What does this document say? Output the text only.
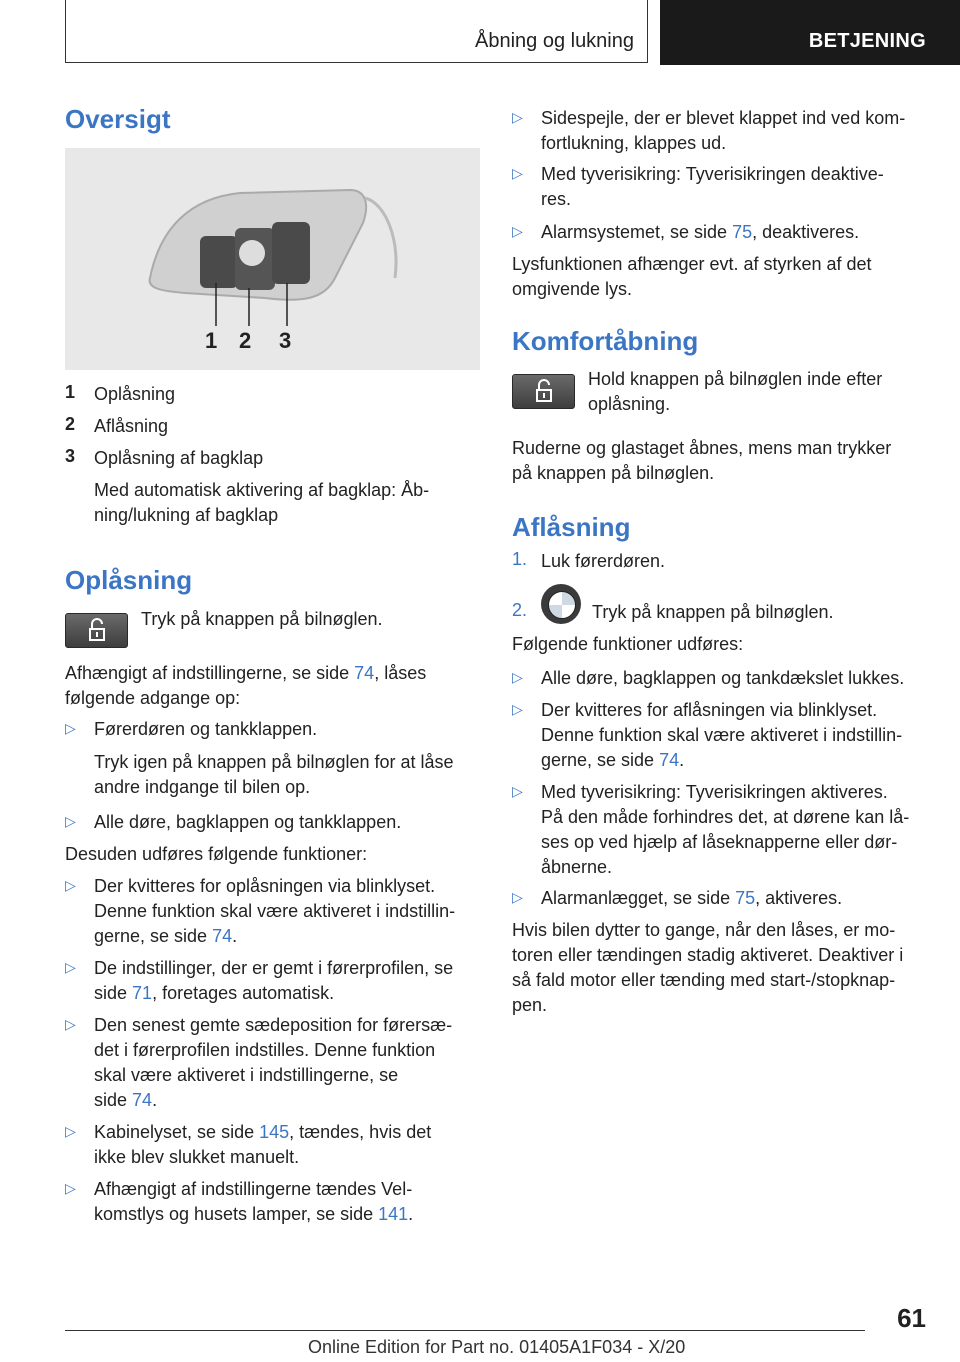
Åbning og lukning	BETJENING
Oversigt
1 2 3
1 Oplåsning

2 Aflåsning

3 Oplåsning af bagklap

Med automatisk aktivering af bagklap: Åb-

ning/lukning af bagklap

Oplåsning

Tryk på knappen på bilnøglen.

Afhængigt af indstillingerne, se side 74, låses

følgende adgange op:

▷ Førerdøren og tankklappen.

Tryk igen på knappen på bilnøglen for at låse

andre indgange til bilen op.

▷ Alle døre, bagklappen og tankklappen.

Desuden udføres følgende funktioner:

▷ Der kvitteres for oplåsningen via blinklyset.

Denne funktion skal være aktiveret i indstillin-

gerne, se side 74.

▷ De indstillinger, der er gemt i førerprofilen, se

side 71, foretages automatisk.

▷ Den senest gemte sædeposition for førersæ-

det i førerprofilen indstilles. Denne funktion

skal være aktiveret i indstillingerne, se

side 74.

▷ Kabinelyset, se side 145, tændes, hvis det

ikke blev slukket manuelt.

▷ Afhængigt af indstillingerne tændes Vel-

komstlys og husets lamper, se side 141.

▷ Sidespejle, der er blevet klappet ind ved kom-

fortlukning, klappes ud.

▷ Med tyverisikring: Tyverisikringen deaktive-

res.

▷ Alarmsystemet, se side 75, deaktiveres.

Lysfunktionen afhænger evt. af styrken af det

omgivende lys.

Komfortåbning

Hold knappen på bilnøglen inde efter

oplåsning.

Ruderne og glastaget åbnes, mens man trykker

på knappen på bilnøglen.

Aflåsning
1. Luk førerdøren.

2.	Tryk på knappen på bilnøglen.

Følgende funktioner udføres:

▷ Alle døre, bagklappen og tankdækslet lukkes.

▷ Der kvitteres for aflåsningen via blinklyset.

Denne funktion skal være aktiveret i indstillin-

gerne, se side 74.

▷ Med tyverisikring: Tyverisikringen aktiveres.

På den måde forhindres det, at dørene kan lå-

ses op ved hjælp af låseknapperne eller dør-

åbnerne.

▷ Alarmanlægget, se side 75, aktiveres.

Hvis bilen dytter to gange, når den låses, er mo-

toren eller tændingen stadig aktiveret. Deaktiver i

så fald motor eller tænding med start-/stopknap-

pen.

61
Online Edition for Part no. 01405A1F034 - X/20
